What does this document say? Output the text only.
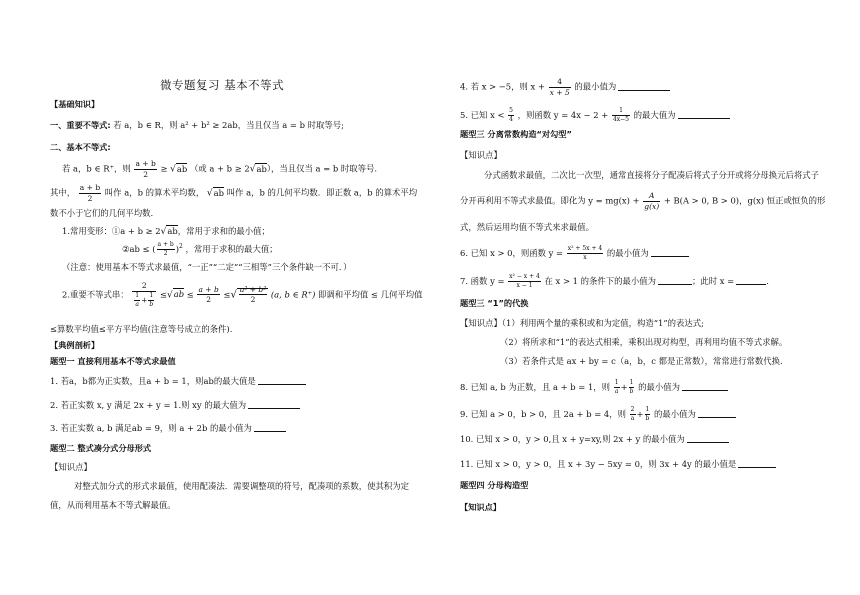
微专题复习 基本不等式
【基础知识】
一、重要不等式: 若 a，b ∈ R，则 a² + b² ≥ 2ab，当且仅当 a = b 时取等号;
二、基本不等式:
若 a，b ∈ R⁺，则 $\frac{a + b}{2} \ge √ab$ （或 a + b ≥ 2√ab），当且仅当 a = b 时取等号.
其中， $\frac{a + b}{2}$ 叫作 a，b 的算术平均数， √ab 叫作 a，b 的几何平均数．即正数 a，b 的算术平均
数不小于它们的几何平均数.
1.常用变形：①a + b ≥ 2√ab，常用于求和的最小值；
②ab ≤ ( $\frac{a + b}{2} )^2$ ，常用于求积的最大值；
（注意：使用基本不等式求最值，“一正”“二定”“三相等”三个条件缺一不可．）
2.重要不等式串： $\frac{2}{\frac{1}{a} + \frac{1}{b}} \le√ab \le \frac{a + b}{2}$ ≤√ $\frac{\text{a² + b²}}{2} (a$, b ∈ R⁺) 即调和平均值 ≤ 几何平均值
≤算数平均值≤平方平均值(注意等号成立的条件).
【典例剖析】
题型一 直接利用基本不等式求最值
1. 若a，b都为正实数，且a + b = 1，则ab的最大值是
2. 若正实数 x, y 满足 2x + y = 1.则 xy 的最大值为
3. 若正实数 a, b 满足ab = 9，则 a + 2b 的最小值为
题型二 整式凑分式分母形式
【知识点】
对整式加分式的形式求最值，使用配凑法．需要调整项的符号，配凑项的系数，使其积为定
值，从而利用基本不等式解最值。
4. 若 x > −5，则 $x + \frac{4}{x + 5}$ 的最小值为
5. 已知 $x < \frac{5}{4}$ ，则函数 $y = 4x - 2 + \frac{1}{4x-5}$ 的最大值为
题型三 分离常数构造“对勾型”
【知识点】
分式函数求最值，二次比一次型，通常直接将分子配凑后将式子分开或将分母换元后将式子
分开再利用不等式求最值。即化为 $y = mg(x) + \frac{A}{g(x)} + B(A > 0$, B > 0)，g(x) 恒正或恒负的形
式，然后运用均值不等式来求最值。
6. 已知 x > 0，则函数 $y = \frac{\text{x² + 5x + 4}}{x}$ 的最小值为
7. 函数 $y = \frac{\text{x² − x + 4}}{x - 1}$ 在 x > 1 的条件下的最小值为	；此时 x =	.
题型三 “1”的代换
【知识点】（1）利用两个量的乘积或和为定值，构造“1”的表达式;
（2）将所求和“1”的表达式相乘，乘积出现对构型，再利用均值不等式求解。
（3）若条件式是 ax + by = c（a，b，c 都是正常数），常常进行常数代换.
8. 已知 a, b 为正数，且 a + b = 1，则 $\frac{1}{a} + \frac{1}{b}$ 的最小值为
9. 已知 a > 0，b > 0，且 2a + b = 4，则 $\frac{2}{a} + \frac{1}{b}$ 的最小值为
10. 已知 x > 0，y > 0,且 x + y=xy,则 2x + y 的最小值为
11. 已知 x > 0，y > 0，且 x + 3y − 5xy = 0，则 3x + 4y 的最小值是
题型四 分母构造型
【知识点】
